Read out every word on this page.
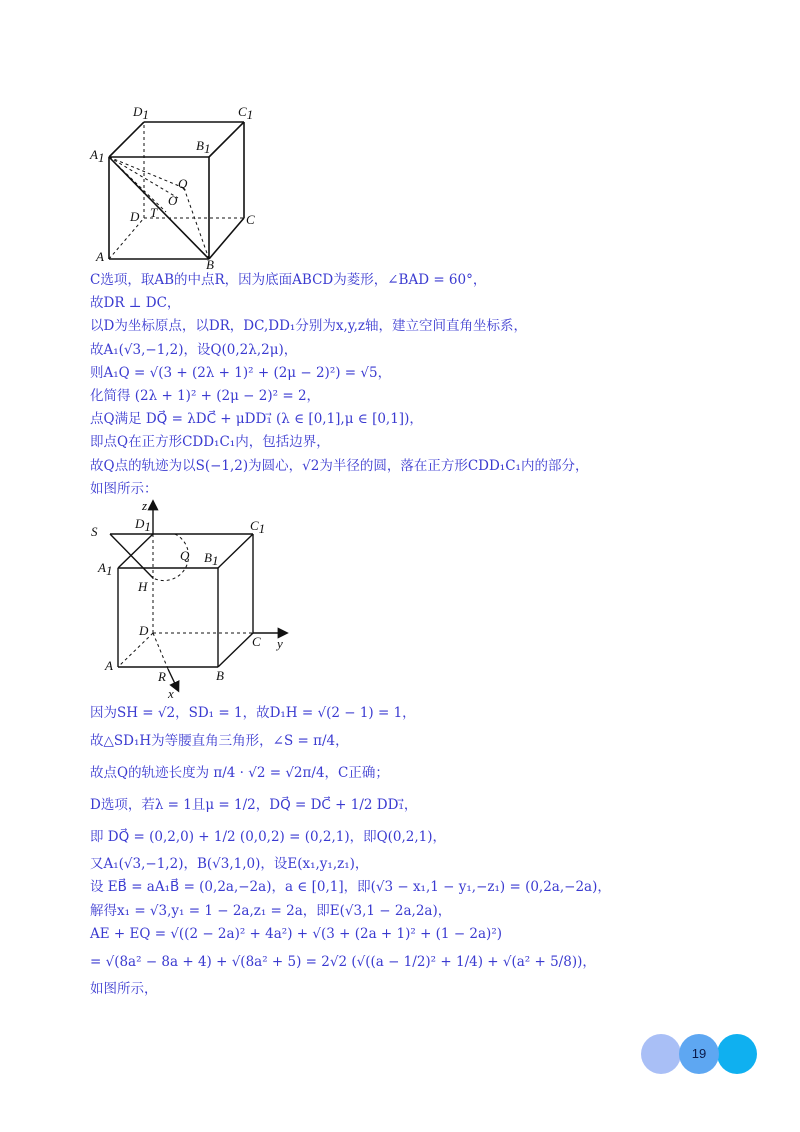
D1	C1
B1
A1
Q
O
D T	C
A
B
C选项，取AB的中点R，因为底面ABCD为菱形，∠BAD = 60°，
故DR ⊥ DC，
以D为坐标原点，以DR，DC,DD₁分别为x,y,z轴，建立空间直角坐标系，
故A₁(√3,−1,2)，设Q(0,2λ,2μ)，
则A₁Q = √(3 + (2λ + 1)² + (2μ − 2)²) = √5，
化简得 (2λ + 1)² + (2μ − 2)² = 2，
点Q满足 DQ⃗ = λDC⃗ + μDD₁⃗ (λ ∈ [0,1],μ ∈ [0,1])，
即点Q在正方形CDD₁C₁内，包括边界，
故Q点的轨迹为以S(−1,2)为圆心，√2为半径的圆，落在正方形CDD₁C₁内的部分，
如图所示：
z
S
D1	C1
Q B1
A1
H
D
C y
A
R	B
x
因为SH = √2，SD₁ = 1，故D₁H = √(2 − 1) = 1，
故△SD₁H为等腰直角三角形，∠S = π/4，
故点Q的轨迹长度为 π/4 · √2 = √2π/4，C正确；
D选项，若λ = 1且μ = 1/2，DQ⃗ = DC⃗ + 1/2 DD₁⃗，
即 DQ⃗ = (0,2,0) + 1/2 (0,0,2) = (0,2,1)，即Q(0,2,1)，
又A₁(√3,−1,2)，B(√3,1,0)，设E(x₁,y₁,z₁)，
设 EB⃗ = aA₁B⃗ = (0,2a,−2a)，a ∈ [0,1]，即(√3 − x₁,1 − y₁,−z₁) = (0,2a,−2a)，
解得x₁ = √3,y₁ = 1 − 2a,z₁ = 2a，即E(√3,1 − 2a,2a)，
AE + EQ = √((2 − 2a)² + 4a²) + √(3 + (2a + 1)² + (1 − 2a)²)
= √(8a² − 8a + 4) + √(8a² + 5) = 2√2 (√((a − 1/2)² + 1/4) + √(a² + 5/8))，
如图所示，
19
